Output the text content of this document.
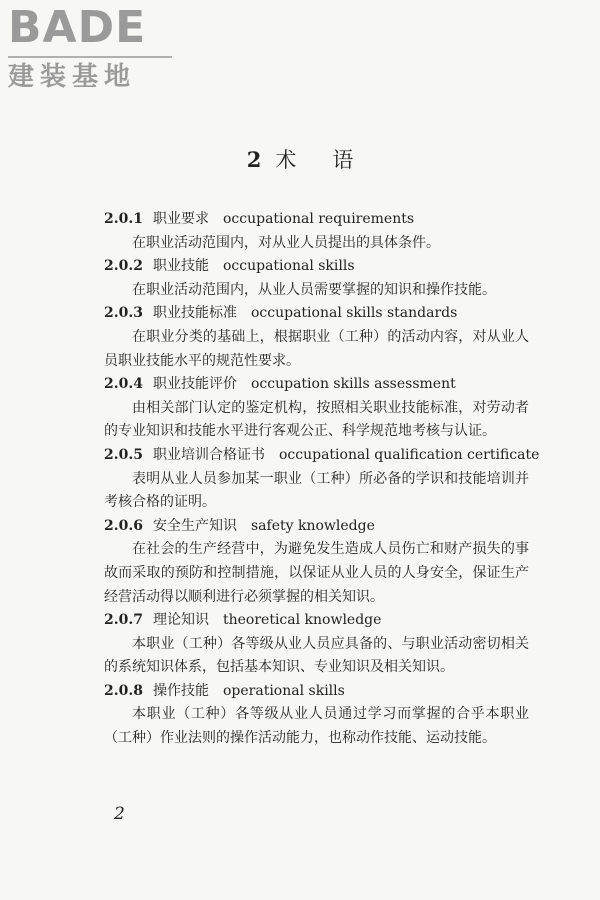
BADE
建装基地
2 术 语
2.0.1 职业要求 occupational requirements

在职业活动范围内，对从业人员提出的具体条件。

2.0.2 职业技能 occupational skills

在职业活动范围内，从业人员需要掌握的知识和操作技能。

2.0.3 职业技能标准 occupational skills standards

在职业分类的基础上，根据职业（工种）的活动内容，对从业人员职业技能水平的规范性要求。

2.0.4 职业技能评价 occupation skills assessment

由相关部门认定的鉴定机构，按照相关职业技能标准，对劳动者的专业知识和技能水平进行客观公正、科学规范地考核与认证。

2.0.5 职业培训合格证书 occupational qualification certificate

表明从业人员参加某一职业（工种）所必备的学识和技能培训并考核合格的证明。

2.0.6 安全生产知识 safety knowledge

在社会的生产经营中，为避免发生造成人员伤亡和财产损失的事故而采取的预防和控制措施，以保证从业人员的人身安全，保证生产经营活动得以顺利进行必须掌握的相关知识。

2.0.7 理论知识 theoretical knowledge

本职业（工种）各等级从业人员应具备的、与职业活动密切相关的系统知识体系，包括基本知识、专业知识及相关知识。

2.0.8 操作技能 operational skills

本职业（工种）各等级从业人员通过学习而掌握的合乎本职业（工种）作业法则的操作活动能力，也称动作技能、运动技能。

2
